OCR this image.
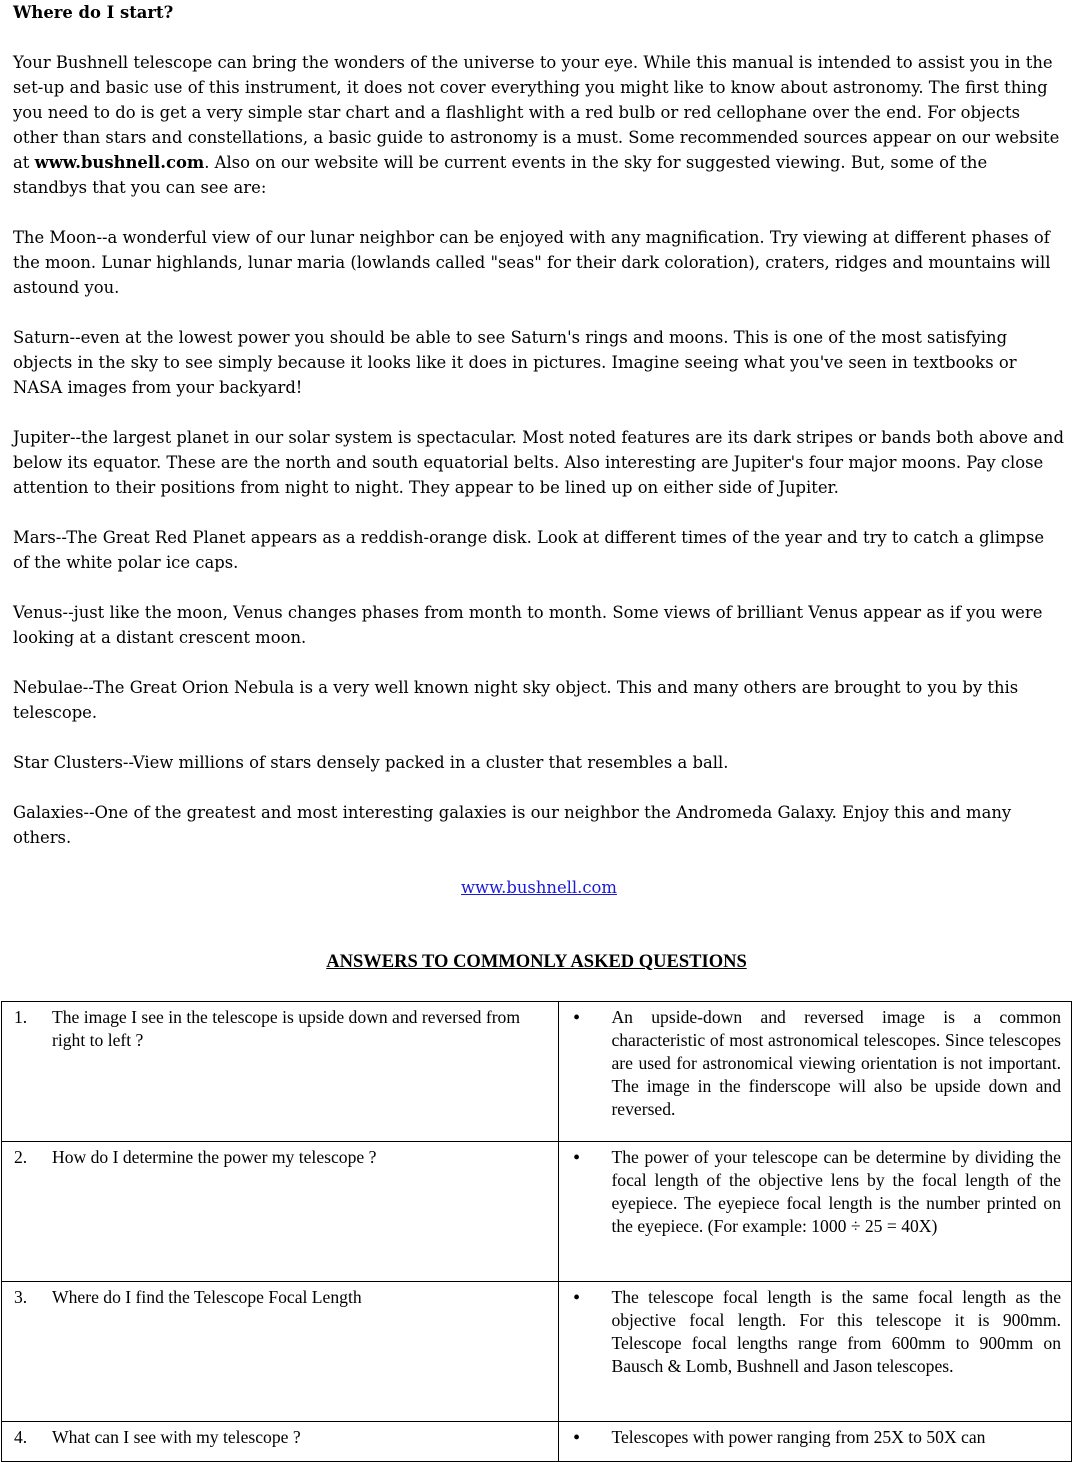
Where do I start?

Your Bushnell telescope can bring the wonders of the universe to your eye. While this manual is intended to assist you in the set-up and basic use of this instrument, it does not cover everything you might like to know about astronomy. The first thing you need to do is get a very simple star chart and a flashlight with a red bulb or red cellophane over the end. For objects other than stars and constellations, a basic guide to astronomy is a must. Some recommended sources appear on our website at www.bushnell.com. Also on our website will be current events in the sky for suggested viewing. But, some of the standbys that you can see are:

The Moon--a wonderful view of our lunar neighbor can be enjoyed with any magnification. Try viewing at different phases of the moon. Lunar highlands, lunar maria (lowlands called "seas" for their dark coloration), craters, ridges and mountains will astound you.

Saturn--even at the lowest power you should be able to see Saturn's rings and moons. This is one of the most satisfying objects in the sky to see simply because it looks like it does in pictures. Imagine seeing what you've seen in textbooks or NASA images from your backyard!

Jupiter--the largest planet in our solar system is spectacular. Most noted features are its dark stripes or bands both above and below its equator. These are the north and south equatorial belts. Also interesting are Jupiter's four major moons. Pay close attention to their positions from night to night. They appear to be lined up on either side of Jupiter.

Mars--The Great Red Planet appears as a reddish-orange disk. Look at different times of the year and try to catch a glimpse of the white polar ice caps.

Venus--just like the moon, Venus changes phases from month to month. Some views of brilliant Venus appear as if you were looking at a distant crescent moon.

Nebulae--The Great Orion Nebula is a very well known night sky object. This and many others are brought to you by this telescope.

Star Clusters--View millions of stars densely packed in a cluster that resembles a ball.

Galaxies--One of the greatest and most interesting galaxies is our neighbor the Andromeda Galaxy. Enjoy this and many others.

www.bushnell.com
ANSWERS TO COMMONLY ASKED QUESTIONS
1. The image I see in the telescope is upside down and reversed from right to left ?	• An upside-down and reversed image is a common characteristic of most astronomical telescopes. Since telescopes are used for astronomical viewing orientation is not important. The image in the finderscope will also be upside down and reversed.

2. How do I determine the power my telescope ?	• The power of your telescope can be determine by dividing the focal length of the objective lens by the focal length of the eyepiece. The eyepiece focal length is the number printed on the eyepiece. (For example: 1000 ÷ 25 = 40X)

3. Where do I find the Telescope Focal Length	• The telescope focal length is the same focal length as the objective focal length. For this telescope it is 900mm. Telescope focal lengths range from 600mm to 900mm on Bausch & Lomb, Bushnell and Jason telescopes.

4. What can I see with my telescope ?	• Telescopes with power ranging from 25X to 50X can
